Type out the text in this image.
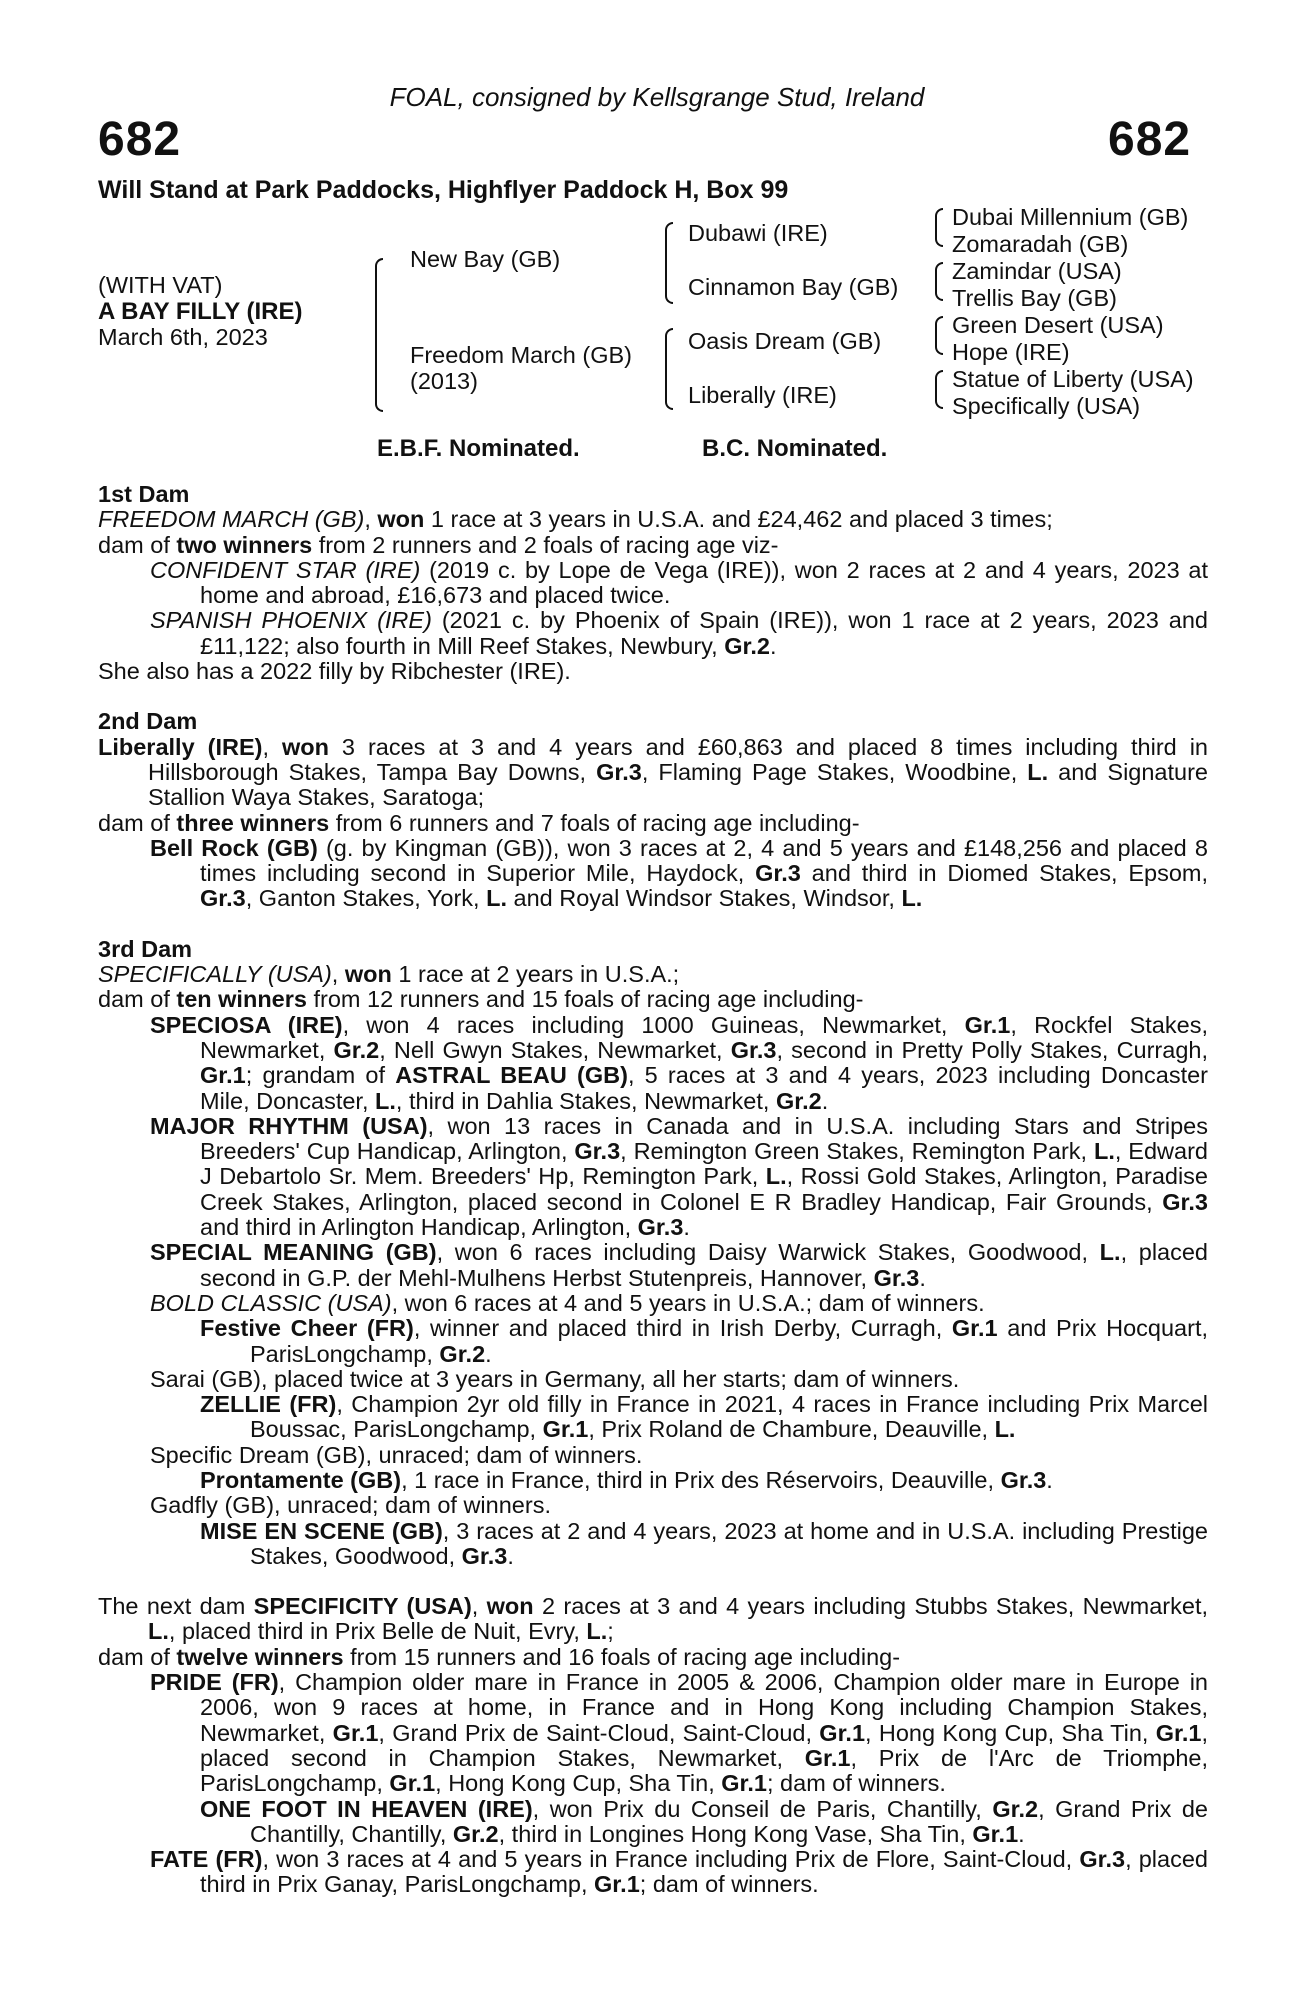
FOAL, consigned by Kellsgrange Stud, Ireland
682	682
Will Stand at Park Paddocks, Highflyer Paddock H, Box 99
(WITH VAT)
A BAY FILLY (IRE)
March 6th, 2023
New Bay (GB)
Freedom March (GB)
(2013)
Dubawi (IRE)
Cinnamon Bay (GB)
Oasis Dream (GB)
Liberally (IRE)
Dubai Millennium (GB)
Zomaradah (GB)
Zamindar (USA)
Trellis Bay (GB)
Green Desert (USA)
Hope (IRE)
Statue of Liberty (USA)
Specifically (USA)
E.B.F. Nominated.	B.C. Nominated.

1st Dam

FREEDOM MARCH (GB), won 1 race at 3 years in U.S.A. and £24,462 and placed 3 times;

dam of two winners from 2 runners and 2 foals of racing age viz-

CONFIDENT STAR (IRE) (2019 c. by Lope de Vega (IRE)), won 2 races at 2 and 4 years, 2023 at home and abroad, £16,673 and placed twice.

SPANISH PHOENIX (IRE) (2021 c. by Phoenix of Spain (IRE)), won 1 race at 2 years, 2023 and £11,122; also fourth in Mill Reef Stakes, Newbury, Gr.2.

She also has a 2022 filly by Ribchester (IRE).

2nd Dam

Liberally (IRE), won 3 races at 3 and 4 years and £60,863 and placed 8 times including third in Hillsborough Stakes, Tampa Bay Downs, Gr.3, Flaming Page Stakes, Woodbine, L. and Signature Stallion Waya Stakes, Saratoga;

dam of three winners from 6 runners and 7 foals of racing age including-

Bell Rock (GB) (g. by Kingman (GB)), won 3 races at 2, 4 and 5 years and £148,256 and placed 8 times including second in Superior Mile, Haydock, Gr.3 and third in Diomed Stakes, Epsom, Gr.3, Ganton Stakes, York, L. and Royal Windsor Stakes, Windsor, L.

3rd Dam

SPECIFICALLY (USA), won 1 race at 2 years in U.S.A.;

dam of ten winners from 12 runners and 15 foals of racing age including-

SPECIOSA (IRE), won 4 races including 1000 Guineas, Newmarket, Gr.1, Rockfel Stakes, Newmarket, Gr.2, Nell Gwyn Stakes, Newmarket, Gr.3, second in Pretty Polly Stakes, Curragh, Gr.1; grandam of ASTRAL BEAU (GB), 5 races at 3 and 4 years, 2023 including Doncaster Mile, Doncaster, L., third in Dahlia Stakes, Newmarket, Gr.2.

MAJOR RHYTHM (USA), won 13 races in Canada and in U.S.A. including Stars and Stripes Breeders' Cup Handicap, Arlington, Gr.3, Remington Green Stakes, Remington Park, L., Edward J Debartolo Sr. Mem. Breeders' Hp, Remington Park, L., Rossi Gold Stakes, Arlington, Paradise Creek Stakes, Arlington, placed second in Colonel E R Bradley Handicap, Fair Grounds, Gr.3 and third in Arlington Handicap, Arlington, Gr.3.

SPECIAL MEANING (GB), won 6 races including Daisy Warwick Stakes, Goodwood, L., placed second in G.P. der Mehl-Mulhens Herbst Stutenpreis, Hannover, Gr.3.

BOLD CLASSIC (USA), won 6 races at 4 and 5 years in U.S.A.; dam of winners.

Festive Cheer (FR), winner and placed third in Irish Derby, Curragh, Gr.1 and Prix Hocquart, ParisLongchamp, Gr.2.

Sarai (GB), placed twice at 3 years in Germany, all her starts; dam of winners.

ZELLIE (FR), Champion 2yr old filly in France in 2021, 4 races in France including Prix Marcel Boussac, ParisLongchamp, Gr.1, Prix Roland de Chambure, Deauville, L.

Specific Dream (GB), unraced; dam of winners.

Prontamente (GB), 1 race in France, third in Prix des Réservoirs, Deauville, Gr.3.

Gadfly (GB), unraced; dam of winners.

MISE EN SCENE (GB), 3 races at 2 and 4 years, 2023 at home and in U.S.A. including Prestige Stakes, Goodwood, Gr.3.

The next dam SPECIFICITY (USA), won 2 races at 3 and 4 years including Stubbs Stakes, Newmarket, L., placed third in Prix Belle de Nuit, Evry, L.;

dam of twelve winners from 15 runners and 16 foals of racing age including-

PRIDE (FR), Champion older mare in France in 2005 & 2006, Champion older mare in Europe in 2006, won 9 races at home, in France and in Hong Kong including Champion Stakes, Newmarket, Gr.1, Grand Prix de Saint-Cloud, Saint-Cloud, Gr.1, Hong Kong Cup, Sha Tin, Gr.1, placed second in Champion Stakes, Newmarket, Gr.1, Prix de l'Arc de Triomphe, ParisLongchamp, Gr.1, Hong Kong Cup, Sha Tin, Gr.1; dam of winners.

ONE FOOT IN HEAVEN (IRE), won Prix du Conseil de Paris, Chantilly, Gr.2, Grand Prix de Chantilly, Chantilly, Gr.2, third in Longines Hong Kong Vase, Sha Tin, Gr.1.

FATE (FR), won 3 races at 4 and 5 years in France including Prix de Flore, Saint-Cloud, Gr.3, placed third in Prix Ganay, ParisLongchamp, Gr.1; dam of winners.
